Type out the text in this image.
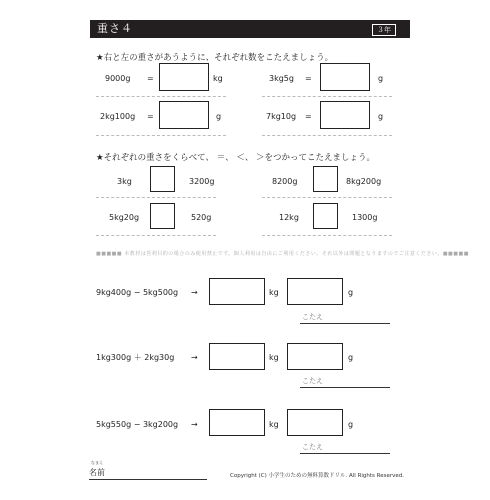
重さ４	３年
★右と左の重さがあうように、それぞれ数をこたえましょう。
9000g =	kg	3kg5g =	g
2kg100g =	g	7kg10g =	g
★それぞれの重さをくらべて、 ＝、 ＜、 ＞をつかってこたえましょう。
3kg	3200g	8200g	8kg200g
5kg20g	520g	12kg	1300g
■■■■■ 本教材は営利目的の場合のみ使用禁止です。個人利用は自由にご利用ください。それ以外は問題となりますのでご注意ください。■■■■■
9kg400g − 5kg500g →	kg	g
こたえ
1kg300g ＋ 2kg30g →	kg	g
こたえ
5kg550g − 3kg200g →	kg	g
こたえ
なまえ
名前	Copyright (C) 小学生のための無料算数ドリル. All Rights Reserved.
